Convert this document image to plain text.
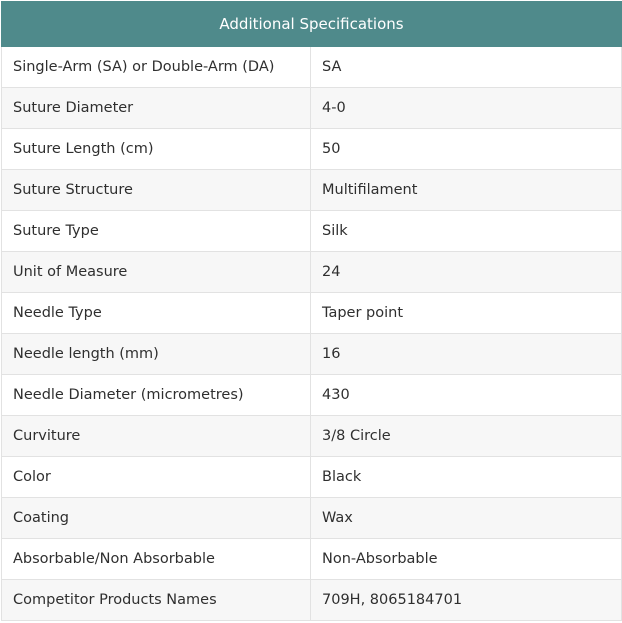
Additional Specifications	
Single-Arm (SA) or Double-Arm (DA)	SA
Suture Diameter	4-0
Suture Length (cm)	50
Suture Structure	Multifilament
Suture Type	Silk
Unit of Measure	24
Needle Type	Taper point
Needle length (mm)	16
Needle Diameter (micrometres)	430
Curviture	3/8 Circle
Color	Black
Coating	Wax
Absorbable/Non Absorbable	Non-Absorbable
Competitor Products Names	709H, 8065184701
